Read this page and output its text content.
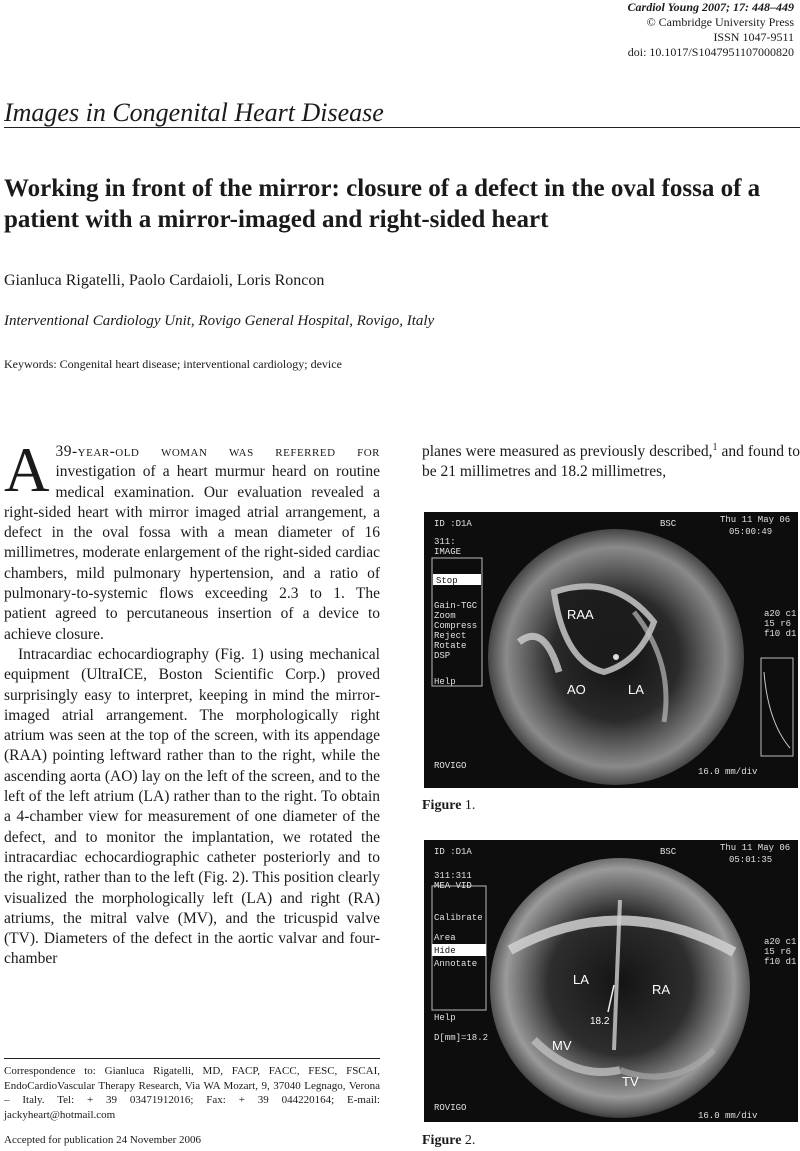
Cardiol Young 2007; 17: 448–449
© Cambridge University Press
ISSN 1047-9511
doi: 10.1017/S1047951107000820
Images in Congenital Heart Disease
Working in front of the mirror: closure of a defect in the oval fossa of a patient with a mirror-imaged and right-sided heart
Gianluca Rigatelli, Paolo Cardaioli, Loris Roncon
Interventional Cardiology Unit, Rovigo General Hospital, Rovigo, Italy
Keywords: Congenital heart disease; interventional cardiology; device

A 39-year-old woman was referred for investigation of a heart murmur heard on routine medical examination. Our evaluation revealed a right-sided heart with mirror imaged atrial arrangement, a defect in the oval fossa with a mean diameter of 16 millimetres, moderate enlargement of the right-sided cardiac chambers, mild pulmonary hypertension, and a ratio of pulmonary-to-systemic flows exceeding 2.3 to 1. The patient agreed to percutaneous insertion of a device to achieve closure.

Intracardiac echocardiography (Fig. 1) using mechanical equipment (UltraICE, Boston Scientific Corp.) proved surprisingly easy to interpret, keeping in mind the mirror-imaged atrial arrangement. The morphologically right atrium was seen at the top of the screen, with its appendage (RAA) pointing leftward rather than to the right, while the ascending aorta (AO) lay on the left of the screen, and to the left of the left atrium (LA) rather than to the right. To obtain a 4-chamber view for measurement of one diameter of the defect, and to monitor the implantation, we rotated the intracardiac echocardiographic catheter posteriorly and to the right, rather than to the left (Fig. 2). This position clearly visualized the morphologically left (LA) and right (RA) atriums, the mitral valve (MV), and the tricuspid valve (TV). Diameters of the defect in the aortic valvar and four-chamber

planes were measured as previously described,$^1$ and found to be 21 millimetres and 18.2 millimetres,

ID :D1A	BSC	Thu 11 May 06
05:00:49
311:
IMAGE
Stop
Gain-TGC
Zoom
Compress
Reject
Rotate
DSP
Help
a20 c1
15 r6
f10 d1
ROVIGO
16.0 mm/div
RAA
AO	LA
Figure 1.
ID :D1A	BSC	Thu 11 May 06
05:01:35
311:311
MEA VID
Calibrate
Area
Hide
Annotate
Help
D[mm]=18.2
a20 c1
15 r6
f10 d1
ROVIGO
16.0 mm/div
LA
RA
MV
TV
18.2
Figure 2.
Correspondence to: Gianluca Rigatelli, MD, FACP, FACC, FESC, FSCAI, EndoCardioVascular Therapy Research, Via WA Mozart, 9, 37040 Legnago, Verona – Italy. Tel: + 39 03471912016; Fax: + 39 044220164; E-mail: jackyheart@hotmail.com
Accepted for publication 24 November 2006
